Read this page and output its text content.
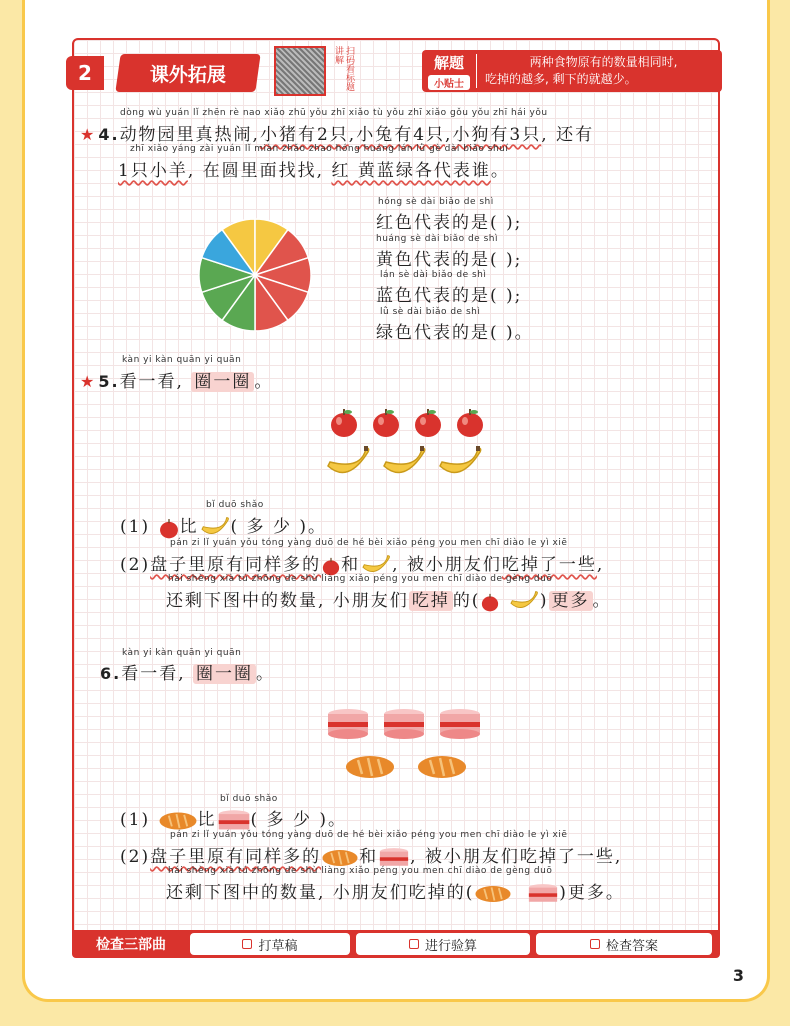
2	课外拓展	扫码看标题讲解	解题
小贴士
两种食物原有的数量相同时,
吃掉的越多, 剩下的就越少。
dòng wù yuán lǐ zhēn rè nao xiǎo zhū yǒu zhī xiǎo tù yǒu zhī xiǎo gǒu yǒu zhī hái yǒu
★ 4.动物园里真热闹,小猪有2只,小兔有4只,小狗有3只, 还有
zhī xiǎo yáng zài yuán lǐ miàn zhǎo zhao hóng huáng lán lǜ gè dài biǎo shuí
1只小羊, 在圆里面找找, 红 黄蓝绿各代表谁。
hóng sè dài biǎo de shì
红色代表的是( );
huáng sè dài biǎo de shì
黄色代表的是( );
lán sè dài biǎo de shì
蓝色代表的是( );
lǜ sè dài biǎo de shì
绿色代表的是( )。
kàn yi kàn quān yi quān
★ 5.看一看, 圈一圈 。
bǐ duō shǎo
(1) 比 ( 多 少 )。
pán zi lǐ yuán yǒu tóng yàng duō de hé bèi xiǎo péng you men chī diào le yì xiē
(2)盘子里原有同样多的 和 , 被小朋友们吃掉了一些,
hái shèng xià tú zhōng de shù liàng xiǎo péng you men chī diào de gèng duō
还剩下图中的数量, 小朋友们 吃掉 的(	) 更多 。
kàn yi kàn quān yi quān
6.看一看, 圈一圈 。
bǐ duō shǎo
(1)	比 ( 多 少 )。
pán zi lǐ yuán yǒu tóng yàng duō de hé bèi xiǎo péng you men chī diào le yì xiē
(2)盘子里原有同样多的 和 , 被小朋友们吃掉了一些,
hái shèng xià tú zhōng de shù liàng xiǎo péng you men chī diào de gèng duō
还剩下图中的数量, 小朋友们吃掉的(	)更多。
检查三部曲	打草稿	进行验算	检查答案
3
